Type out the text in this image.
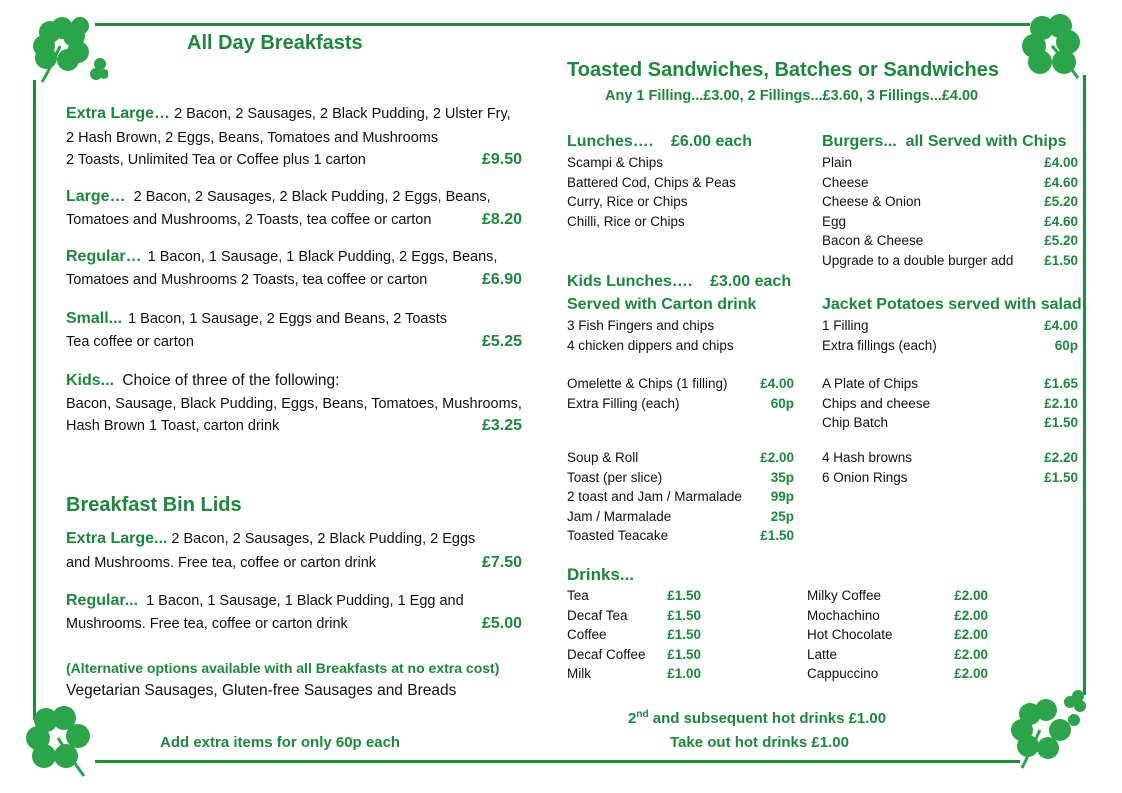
All Day Breakfasts
Extra Large… 2 Bacon, 2 Sausages, 2 Black Pudding, 2 Ulster Fry,
2 Hash Brown, 2 Eggs, Beans, Tomatoes and Mushrooms
2 Toasts, Unlimited Tea or Coffee plus 1 carton	£9.50
Large… 2 Bacon, 2 Sausages, 2 Black Pudding, 2 Eggs, Beans,
Tomatoes and Mushrooms, 2 Toasts, tea coffee or carton	£8.20
Regular… 1 Bacon, 1 Sausage, 1 Black Pudding, 2 Eggs, Beans,
Tomatoes and Mushrooms 2 Toasts, tea coffee or carton	£6.90
Small... 1 Bacon, 1 Sausage, 2 Eggs and Beans, 2 Toasts
Tea coffee or carton	£5.25
Kids... Choice of three of the following:
Bacon, Sausage, Black Pudding, Eggs, Beans, Tomatoes, Mushrooms,
Hash Brown 1 Toast, carton drink	£3.25
Breakfast Bin Lids
Extra Large... 2 Bacon, 2 Sausages, 2 Black Pudding, 2 Eggs
and Mushrooms. Free tea, coffee or carton drink	£7.50
Regular... 1 Bacon, 1 Sausage, 1 Black Pudding, 1 Egg and
Mushrooms. Free tea, coffee or carton drink	£5.00
(Alternative options available with all Breakfasts at no extra cost)
Vegetarian Sausages, Gluten-free Sausages and Breads
Add extra items for only 60p each
Toasted Sandwiches, Batches or Sandwiches
Any 1 Filling...£3.00, 2 Fillings...£3.60, 3 Fillings...£4.00
Lunches….    £6.00 each
Scampi & Chips
Battered Cod, Chips & Peas
Curry, Rice or Chips
Chilli, Rice or Chips
Burgers...  all Served with Chips
Plain	£4.00
Cheese	£4.60
Cheese & Onion	£5.20
Egg	£4.60
Bacon & Cheese	£5.20
Upgrade to a double burger add £1.50
Kids Lunches….    £3.00 each
Served with Carton drink
3 Fish Fingers and chips
4 chicken dippers and chips
Jacket Potatoes served with salad
1 Filling	£4.00
Extra fillings (each)	60p
Omelette & Chips (1 filling) £4.00
Extra Filling (each)	60p
A Plate of Chips	£1.65
Chips and cheese	£2.10
Chip Batch	£1.50
Soup & Roll	£2.00
Toast (per slice)	35p
2 toast and Jam / Marmalade 99p
Jam / Marmalade	25p
Toasted Teacake	£1.50
4 Hash browns	£2.20
6 Onion Rings	£1.50
Drinks...
Tea	£1.50
Decaf Tea	£1.50
Coffee	£1.50
Decaf Coffee £1.50
Milk	£1.00
Milky Coffee	£2.00
Mochachino	£2.00
Hot Chocolate	£2.00
Latte	£2.00
Cappuccino	£2.00
2nd and subsequent hot drinks £1.00
Take out hot drinks £1.00
